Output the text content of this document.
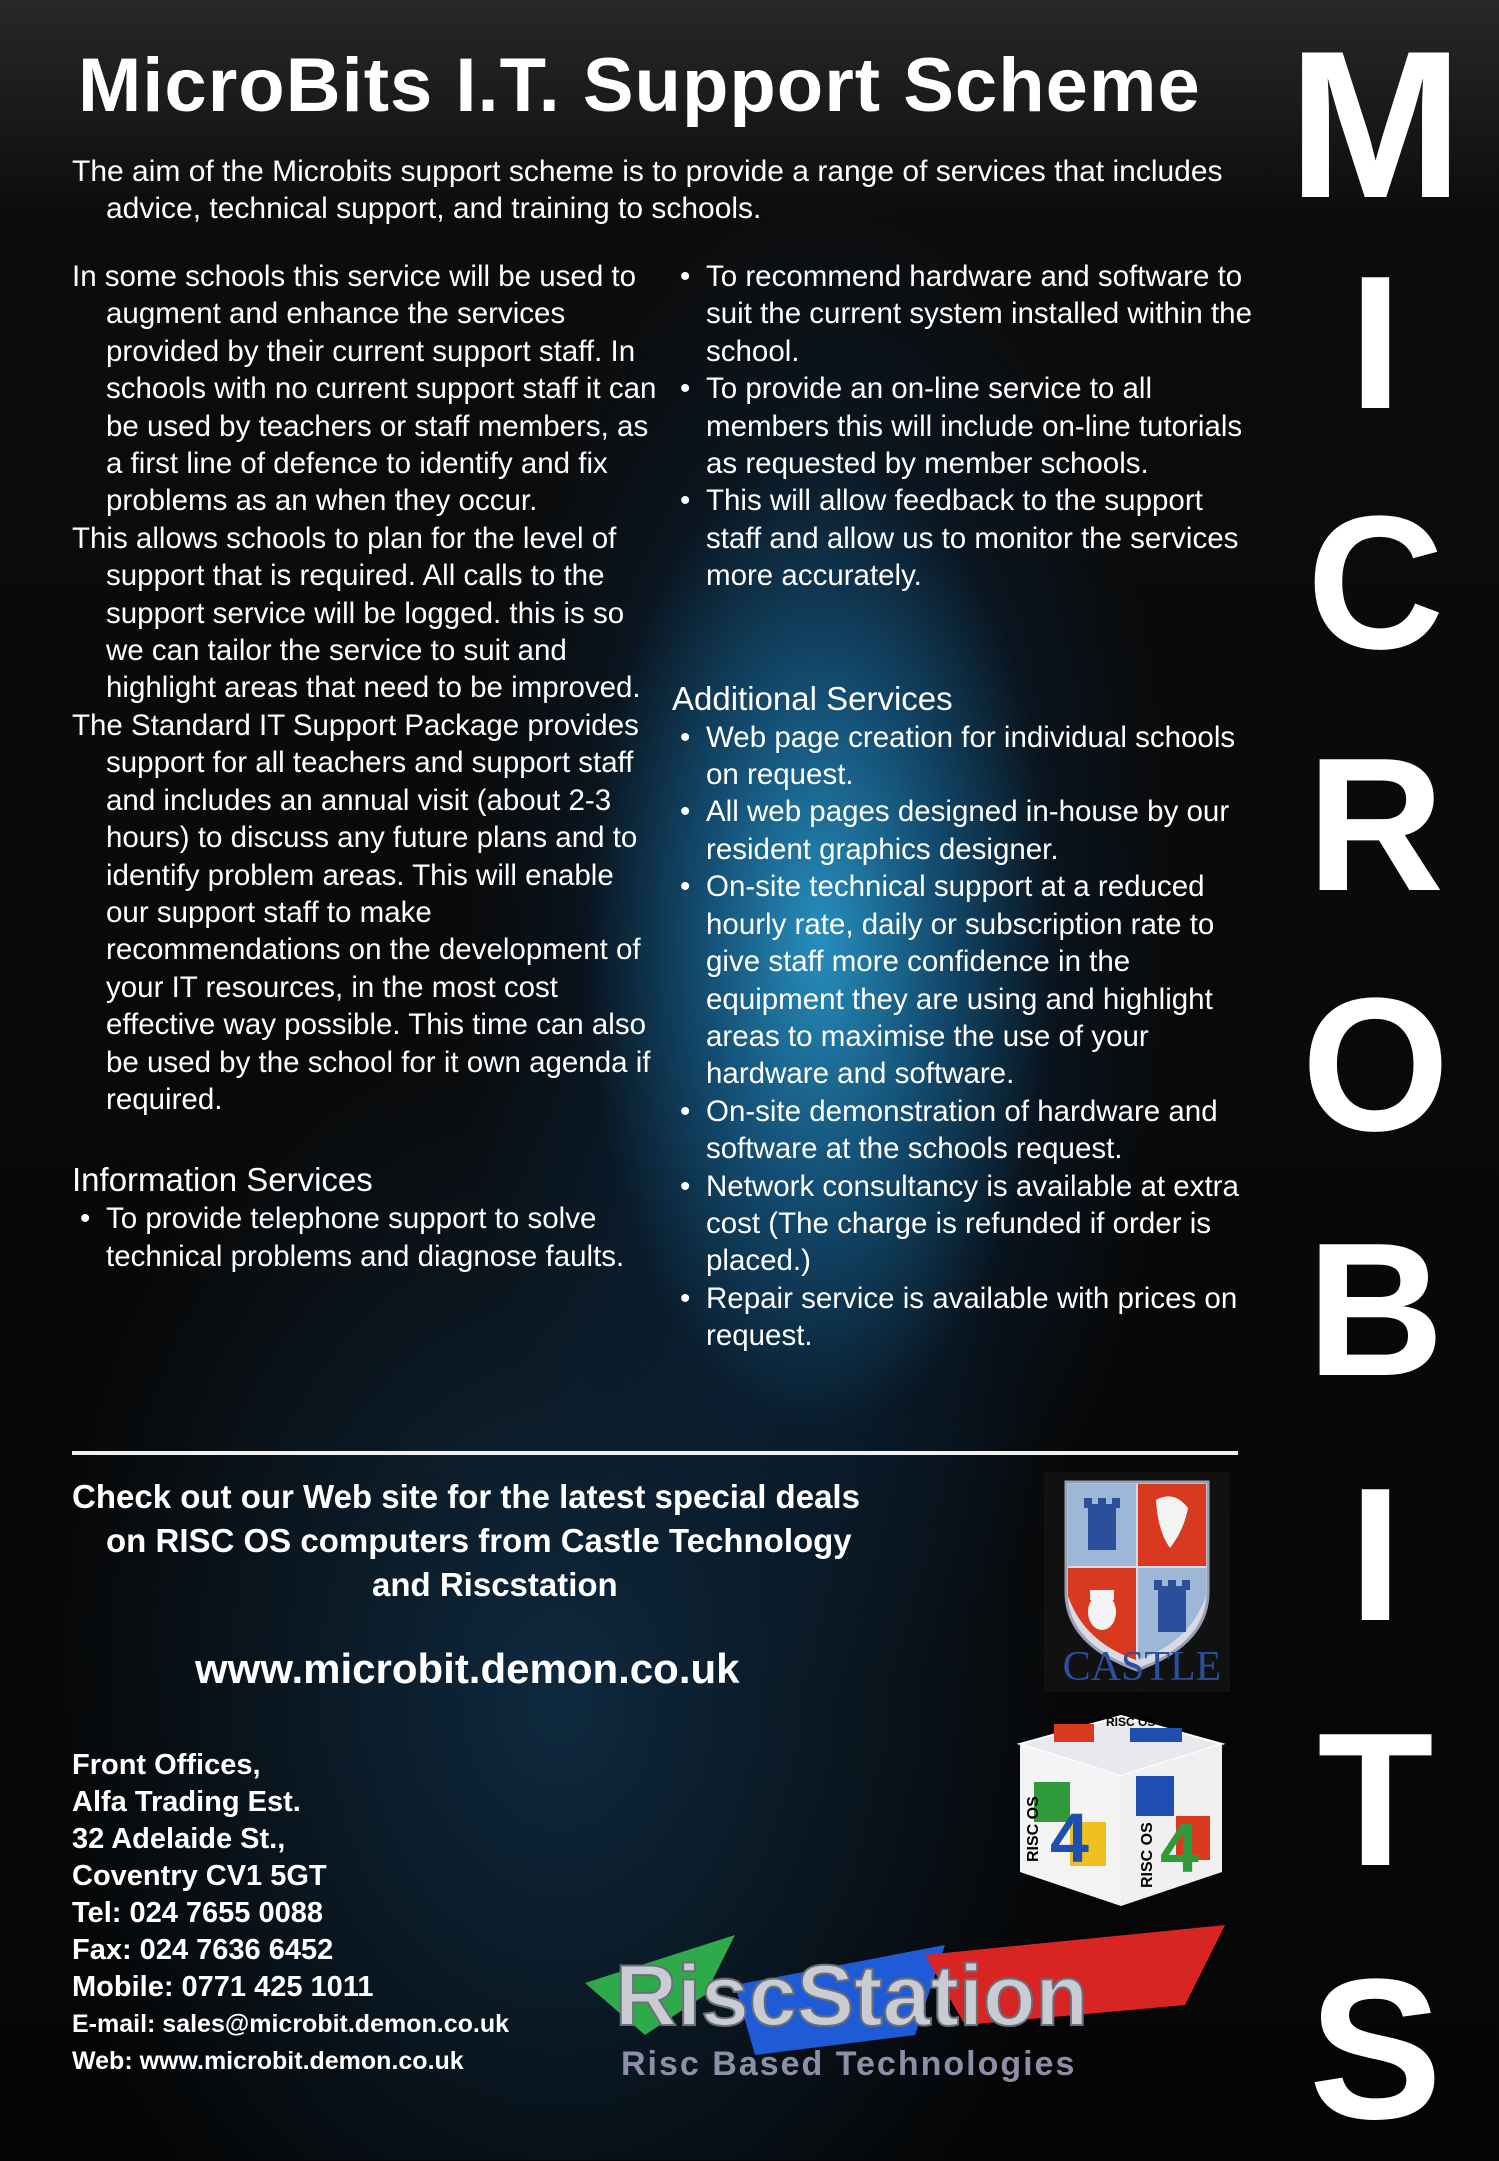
MicroBits I.T. Support Scheme

The aim of the Microbits support scheme is to provide a range of services that includes advice, technical support, and training to schools.

In some schools this service will be used to augment and enhance the services provided by their current support staff. In schools with no current support staff it can be used by teachers or staff members, as a first line of defence to identify and fix problems as an when they occur.

This allows schools to plan for the level of support that is required. All calls to the support service will be logged. this is so we can tailor the service to suit and highlight areas that need to be improved.

The Standard IT Support Package provides support for all teachers and support staff and includes an annual visit (about 2-3 hours) to discuss any future plans and to identify problem areas. This will enable our support staff to make recommendations on the development of your IT resources, in the most cost effective way possible. This time can also be used by the school for it own agenda if required.

Information Services
• To provide telephone support to solve technical problems and diagnose faults.
• To recommend hardware and software to suit the current system installed within the school.
• To provide an on-line service to all members this will include on-line tutorials as requested by member schools.
• This will allow feedback to the support staff and allow us to monitor the services more accurately.
Additional Services
• Web page creation for individual schools on request.
• All web pages designed in-house by our resident graphics designer.
• On-site technical support at a reduced hourly rate, daily or subscription rate to give staff more confidence in the equipment they are using and highlight areas to maximise the use of your hardware and software.
• On-site demonstration of hardware and software at the schools request.
• Network consultancy is available at extra cost (The charge is refunded if order is placed.)
• Repair service is available with prices on request.

Check out our Web site for the latest special deals
on RISC OS computers from Castle Technology
and Riscstation

www.microbit.demon.co.uk

Front Offices,
Alfa Trading Est.
32 Adelaide St.,
Coventry CV1 5GT
Tel: 024 7655 0088
Fax: 024 7636 6452
Mobile: 0771 425 1011
E-mail: sales@microbit.demon.co.uk
Web: www.microbit.demon.co.uk
M
I
C
R
O
B
I
T
S
CASTLE
4 4
RISC OS	RISC OS
RISC OS
RiscStation
Risc Based Technologies
